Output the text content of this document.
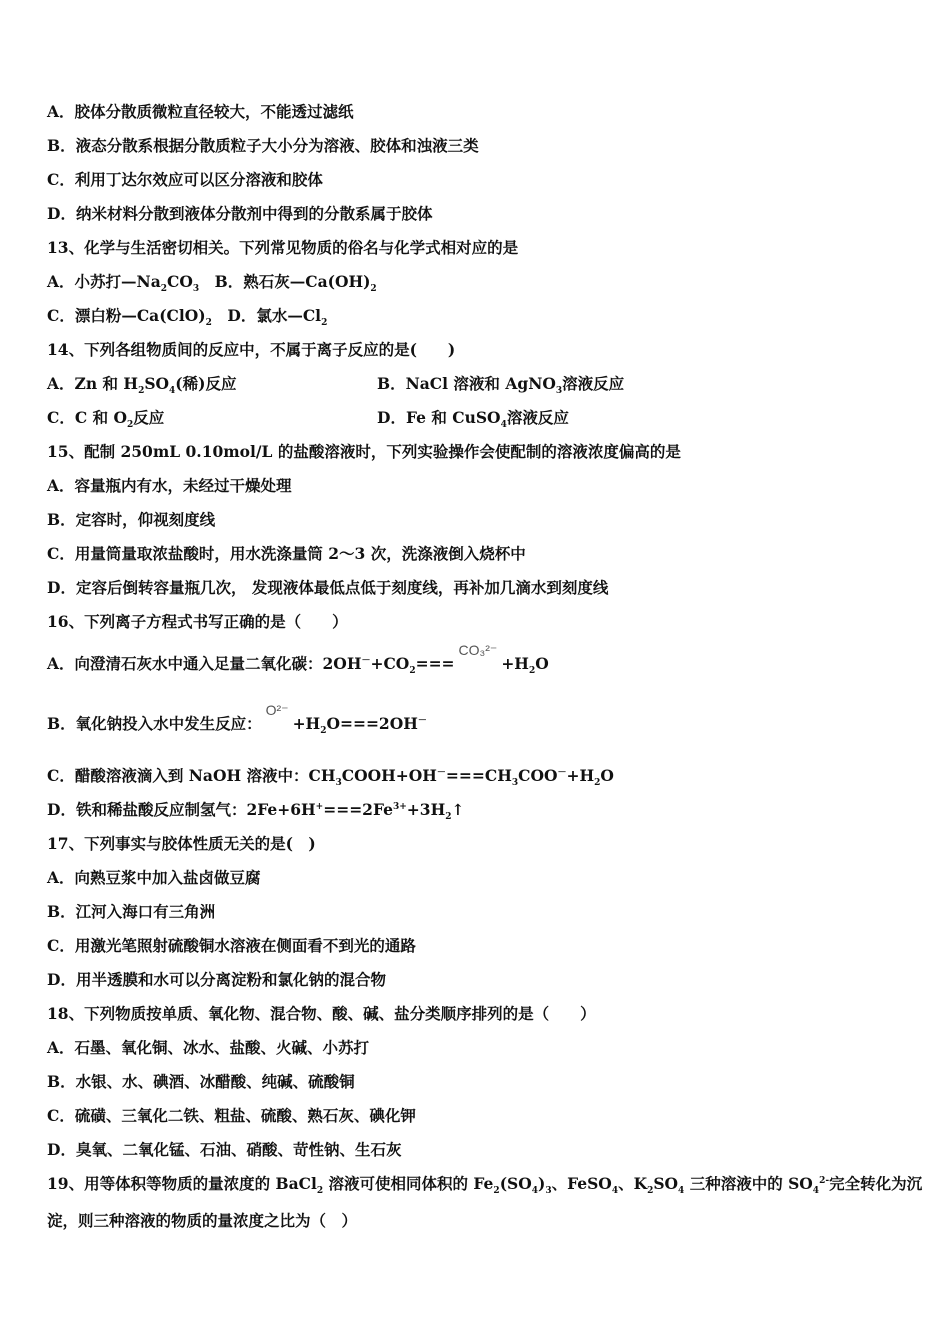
A．胶体分散质微粒直径较大，不能透过滤纸
B．液态分散系根据分散质粒子大小分为溶液、胶体和浊液三类
C．利用丁达尔效应可以区分溶液和胶体
D．纳米材料分散到液体分散剂中得到的分散系属于胶体
13、化学与生活密切相关。下列常见物质的俗名与化学式相对应的是
A．小苏打$—Na_2CO_3$　B．熟石灰$—Ca(OH)_2$
C．漂白粉$—Ca(ClO)_2$　D．氯水$—Cl_2$
14、下列各组物质间的反应中，不属于离子反应的是(　　)
A．Zn 和 $H_2SO_4$(稀)反应	B．NaCl 溶液和 AgNO$_3$溶液反应
C．C 和 $O_2$反应	D．Fe 和 CuSO$_4$溶液反应
15、配制 250mL 0.10mol/L 的盐酸溶液时，下列实验操作会使配制的溶液浓度偏高的是
A．容量瓶内有水，未经过干燥处理
B．定容时，仰视刻度线
C．用量筒量取浓盐酸时，用水洗涤量筒 2～3 次，洗涤液倒入烧杯中
D．定容后倒转容量瓶几次， 发现液体最低点低于刻度线，再补加几滴水到刻度线
16、下列离子方程式书写正确的是（　　）
A．向澄清石灰水中通入足量二氧化碳：$2OH^-+CO_2===CO_3^{2-}+H_2O$
B．氧化钠投入水中发生反应：$O^{2-}+H_2O===2OH^-$
C．醋酸溶液滴入到 NaOH 溶液中：$CH_3COOH+OH^-===CH_3COO^-+H_2O$
D．铁和稀盐酸反应制氢气：$2Fe+6H^+===2Fe^{3+}+3H_2↑$
17、下列事实与胶体性质无关的是(　)
A．向熟豆浆中加入盐卤做豆腐
B．江河入海口有三角洲
C．用激光笔照射硫酸铜水溶液在侧面看不到光的通路
D．用半透膜和水可以分离淀粉和氯化钠的混合物
18、下列物质按单质、氧化物、混合物、酸、碱、盐分类顺序排列的是（　　）
A．石墨、氧化铜、冰水、盐酸、火碱、小苏打
B．水银、水、碘酒、冰醋酸、纯碱、硫酸铜
C．硫磺、三氧化二铁、粗盐、硫酸、熟石灰、碘化钾
D．臭氧、二氧化锰、石油、硝酸、苛性钠、生石灰
19、用等体积等物质的量浓度的 BaCl$_2$ 溶液可使相同体积的 $Fe_2(SO_4)_3$、FeSO$_4$、$K_2SO_4$ 三种溶液中的 $SO_4^{2-}$完全转化为沉
淀，则三种溶液的物质的量浓度之比为（　）
